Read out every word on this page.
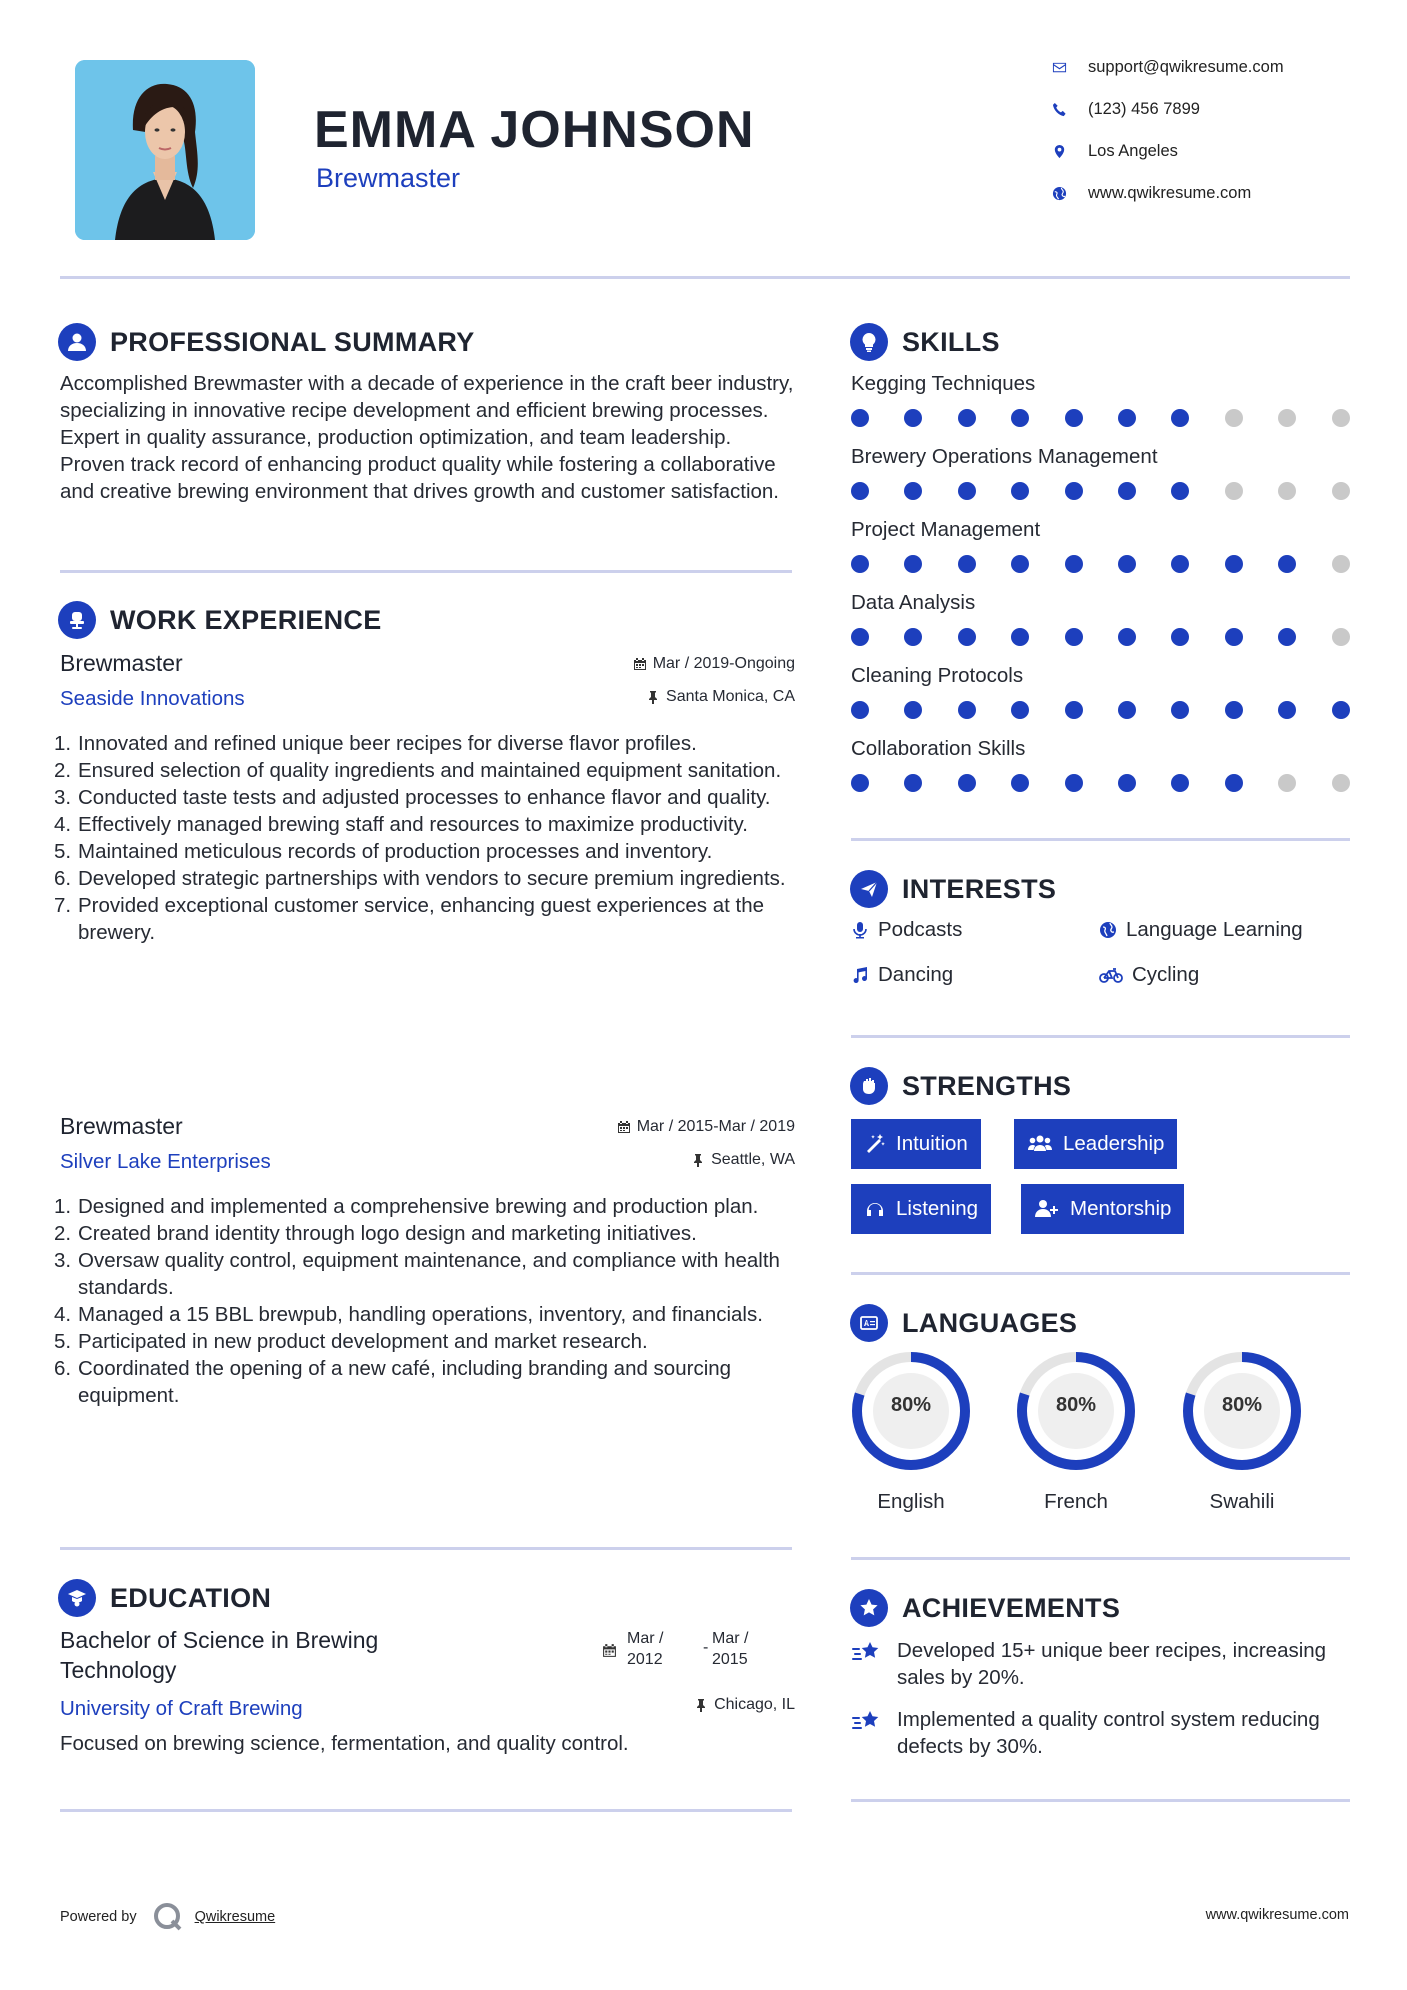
EMMA JOHNSON
Brewmaster
support@qwikresume.com
(123) 456 7899
Los Angeles
www.qwikresume.com
PROFESSIONAL SUMMARY
Accomplished Brewmaster with a decade of experience in the craft beer industry, specializing in innovative recipe development and efficient brewing processes. Expert in quality assurance, production optimization, and team leadership. Proven track record of enhancing product quality while fostering a collaborative and creative brewing environment that drives growth and customer satisfaction.
WORK EXPERIENCE
Brewmaster
Seaside Innovations
Mar / 2019-Ongoing
Santa Monica, CA
1. Innovated and refined unique beer recipes for diverse flavor profiles.
2. Ensured selection of quality ingredients and maintained equipment sanitation.
3. Conducted taste tests and adjusted processes to enhance flavor and quality.
4. Effectively managed brewing staff and resources to maximize productivity.
5. Maintained meticulous records of production processes and inventory.
6. Developed strategic partnerships with vendors to secure premium ingredients.
7. Provided exceptional customer service, enhancing guest experiences at the brewery.
Brewmaster
Silver Lake Enterprises
Mar / 2015-Mar / 2019
Seattle, WA
1. Designed and implemented a comprehensive brewing and production plan.
2. Created brand identity through logo design and marketing initiatives.
3. Oversaw quality control, equipment maintenance, and compliance with health standards.
4. Managed a 15 BBL brewpub, handling operations, inventory, and financials.
5. Participated in new product development and market research.
6. Coordinated the opening of a new café, including branding and sourcing equipment.
EDUCATION
Bachelor of Science in Brewing Technology
Mar /
2012
-
Mar /
2015
University of Craft Brewing	Chicago, IL
Focused on brewing science, fermentation, and quality control.
SKILLS
Kegging Techniques
Brewery Operations Management
Project Management
Data Analysis
Cleaning Protocols
Collaboration Skills
INTERESTS
Podcasts	Language Learning
Dancing	Cycling
STRENGTHS
Intuition	Leadership
Listening	Mentorship
LANGUAGES
80%
English
80%
French
80%
Swahili
ACHIEVEMENTS
Developed 15+ unique beer recipes, increasing sales by 20%.
Implemented a quality control system reducing defects by 30%.
Powered by	Qwikresume	www.qwikresume.com
